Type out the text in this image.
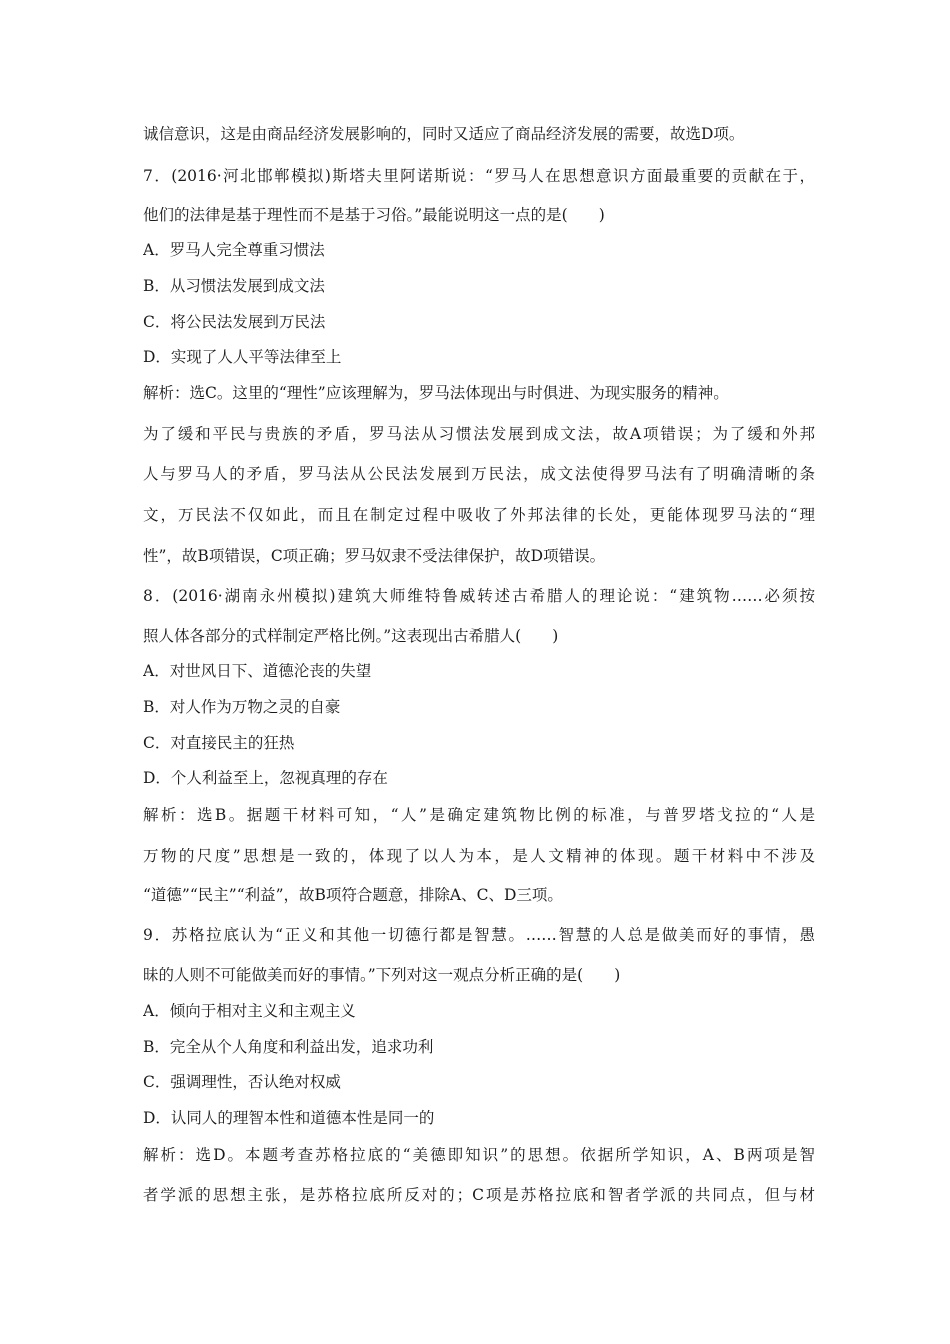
诚信意识，这是由商品经济发展影响的，同时又适应了商品经济发展的需要，故选D项。
7．(2016·河北邯郸模拟)斯塔夫里阿诺斯说：“罗马人在思想意识方面最重要的贡献在于，
他们的法律是基于理性而不是基于习俗。”最能说明这一点的是(　　)
A．罗马人完全尊重习惯法
B．从习惯法发展到成文法
C．将公民法发展到万民法
D．实现了人人平等法律至上
解析：选C。这里的“理性”应该理解为，罗马法体现出与时俱进、为现实服务的精神。
为了缓和平民与贵族的矛盾，罗马法从习惯法发展到成文法，故A项错误；为了缓和外邦
人与罗马人的矛盾，罗马法从公民法发展到万民法，成文法使得罗马法有了明确清晰的条
文，万民法不仅如此，而且在制定过程中吸收了外邦法律的长处，更能体现罗马法的“理
性”，故B项错误，C项正确；罗马奴隶不受法律保护，故D项错误。
8．(2016·湖南永州模拟)建筑大师维特鲁威转述古希腊人的理论说：“建筑物……必须按
照人体各部分的式样制定严格比例。”这表现出古希腊人(　　)
A．对世风日下、道德沦丧的失望
B．对人作为万物之灵的自豪
C．对直接民主的狂热
D．个人利益至上，忽视真理的存在
解析：选B。据题干材料可知，“人”是确定建筑物比例的标准，与普罗塔戈拉的“人是
万物的尺度”思想是一致的，体现了以人为本，是人文精神的体现。题干材料中不涉及
“道德”“民主”“利益”，故B项符合题意，排除A、C、D三项。
9．苏格拉底认为“正义和其他一切德行都是智慧。……智慧的人总是做美而好的事情，愚
昧的人则不可能做美而好的事情。”下列对这一观点分析正确的是(　　)
A．倾向于相对主义和主观主义
B．完全从个人角度和利益出发，追求功利
C．强调理性，否认绝对权威
D．认同人的理智本性和道德本性是同一的
解析：选D。本题考查苏格拉底的“美德即知识”的思想。依据所学知识，A、B两项是智
者学派的思想主张，是苏格拉底所反对的；C项是苏格拉底和智者学派的共同点，但与材
